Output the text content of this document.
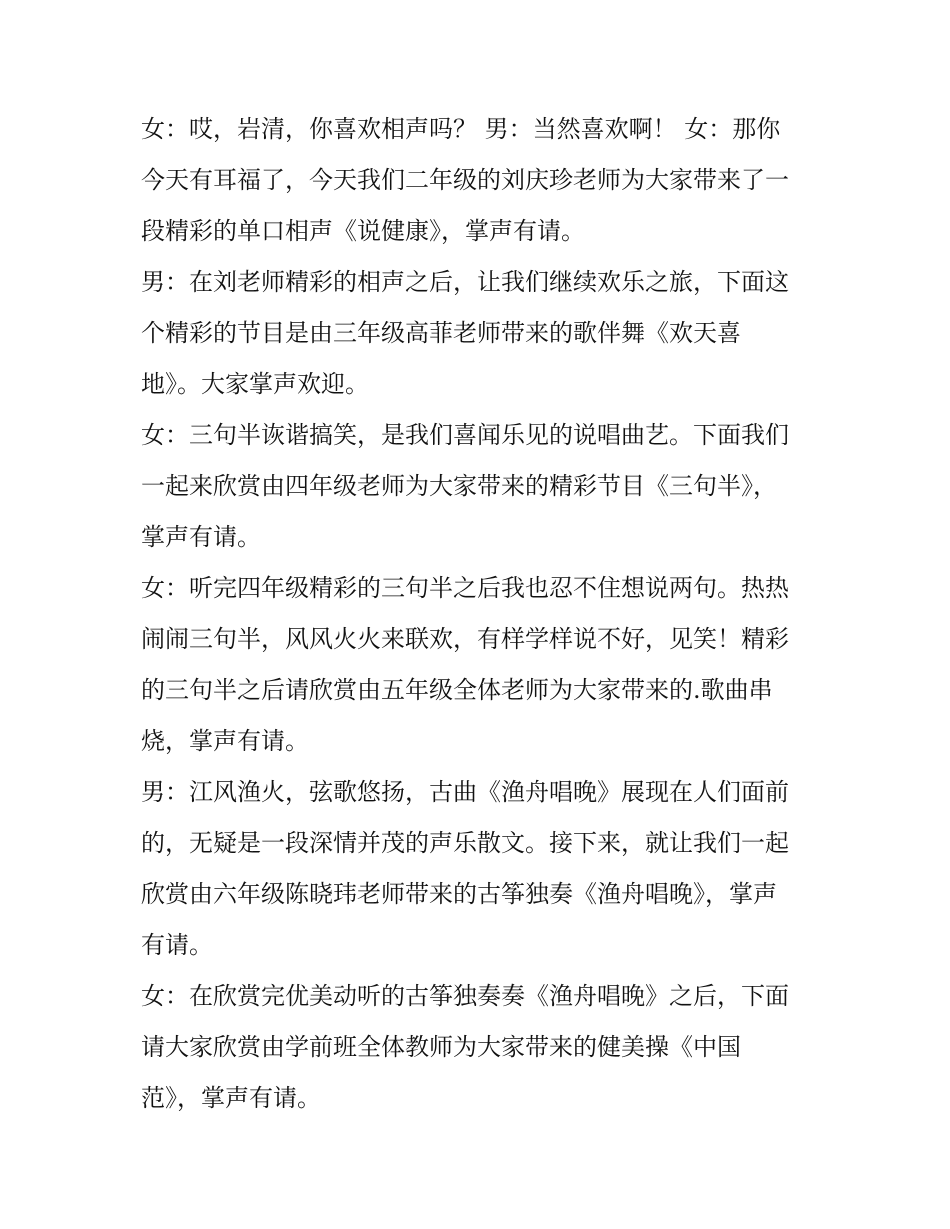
女：哎，岩清，你喜欢相声吗？ 男：当然喜欢啊！ 女：那你
今天有耳福了，今天我们二年级的刘庆珍老师为大家带来了一
段精彩的单口相声《说健康》，掌声有请。
男：在刘老师精彩的相声之后，让我们继续欢乐之旅，下面这
个精彩的节目是由三年级高菲老师带来的歌伴舞《欢天喜
地》。大家掌声欢迎。
女：三句半诙谐搞笑，是我们喜闻乐见的说唱曲艺。下面我们
一起来欣赏由四年级老师为大家带来的精彩节目《三句半》，
掌声有请。
女：听完四年级精彩的三句半之后我也忍不住想说两句。热热
闹闹三句半，风风火火来联欢，有样学样说不好，见笑！精彩
的三句半之后请欣赏由五年级全体老师为大家带来的.歌曲串
烧，掌声有请。
男：江风渔火，弦歌悠扬，古曲《渔舟唱晚》展现在人们面前
的，无疑是一段深情并茂的声乐散文。接下来，就让我们一起
欣赏由六年级陈晓玮老师带来的古筝独奏《渔舟唱晚》，掌声
有请。
女：在欣赏完优美动听的古筝独奏奏《渔舟唱晚》之后，下面
请大家欣赏由学前班全体教师为大家带来的健美操《中国
范》，掌声有请。
